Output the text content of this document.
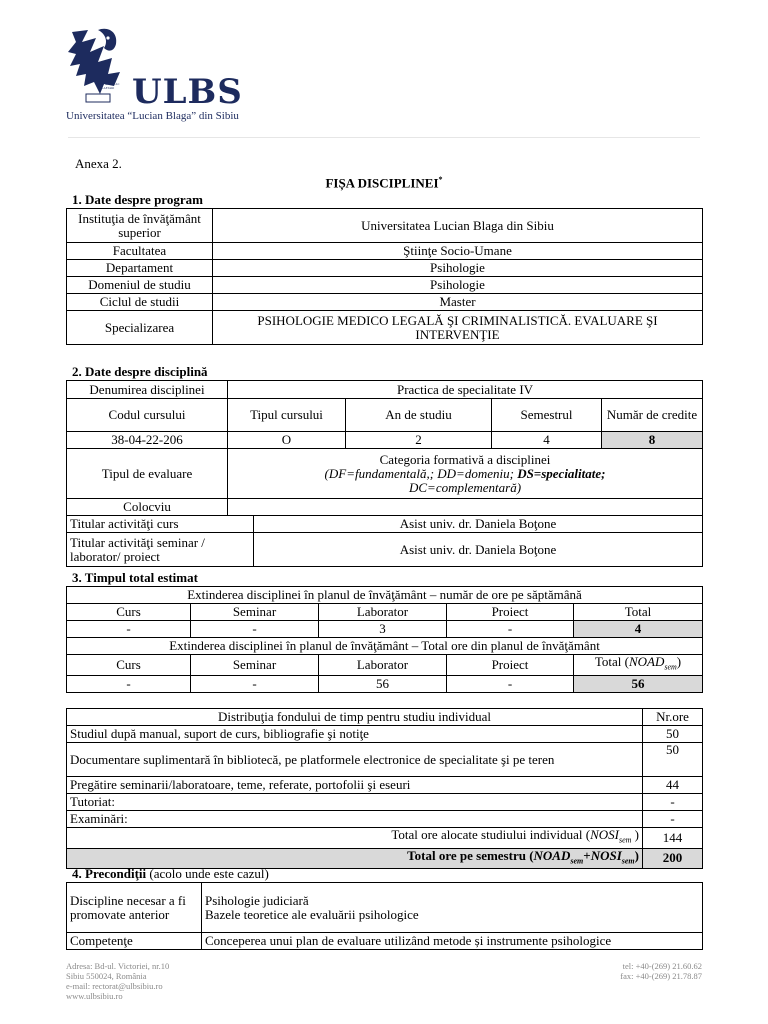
BENE AGERE AC LAETARI ULBS
Universitatea “Lucian Blaga” din Sibiu
Anexa 2.
FIȘA DISCIPLINEI*
1. Date despre program
Instituţia de învăţământ superior	Universitatea Lucian Blaga din Sibiu
Facultatea	Ştiinţe Socio-Umane
Departament	Psihologie
Domeniul de studiu	Psihologie
Ciclul de studii	Master
Specializarea	PSIHOLOGIE MEDICO LEGALĂ ŞI CRIMINALISTICĂ. EVALUARE ŞI INTERVENŢIE
2. Date despre disciplină
Denumirea disciplinei	Practica de specialitate IV				
Codul cursului	Tipul cursului		An de studiu	Semestrul	Număr de credite
38-04-22-206	O		2	4	8
Tipul de evaluare	Categoria formativă a disciplinei
(DF=fundamentală,; DD=domeniu; DS=specialitate;
DC=complementară)				

Colocviu					
Titular activităţi curs		Asist univ. dr. Daniela Boţone			
Titular activităţi seminar / laborator/ proiect		Asist univ. dr. Daniela Boţone			
3. Timpul total estimat
Extinderea disciplinei în planul de învăţământ – număr de ore pe săptămână				
Curs	Seminar	Laborator	Proiect	Total
-	-	3	-	4
Extinderea disciplinei în planul de învăţământ – Total ore din planul de învăţământ				
Curs	Seminar	Laborator	Proiect	Total $(NOAD_{sem})$
-	-	56	-	56
Distribuţia fondului de timp pentru studiu individual	Nr.ore
Studiul după manual, suport de curs, bibliografie şi notiţe	50
Documentare suplimentară în bibliotecă, pe platformele electronice de specialitate şi pe teren	50
Pregătire seminarii/laboratoare, teme, referate, portofolii şi eseuri	44
Tutoriat:	-
Examinări:	-
Total ore alocate studiului individual ($NOSI_{sem}$ )	144
Total ore pe semestru $(NOAD_{sem}+NOSI_{sem})$	200
4. Precondiţii (acolo unde este cazul)
Discipline necesar a fi promovate anterior	Psihologie judiciară
Bazele teoretice ale evaluării psihologice

Competenţe	Conceperea unui plan de evaluare utilizând metode și instrumente psihologice
Adresa: Bd-ul. Victoriei, nr.10
Sibiu 550024, România
e-mail: rectorat@ulbsibiu.ro
www.ulbsibiu.ro
tel: +40-(269) 21.60.62
fax: +40-(269) 21.78.87
